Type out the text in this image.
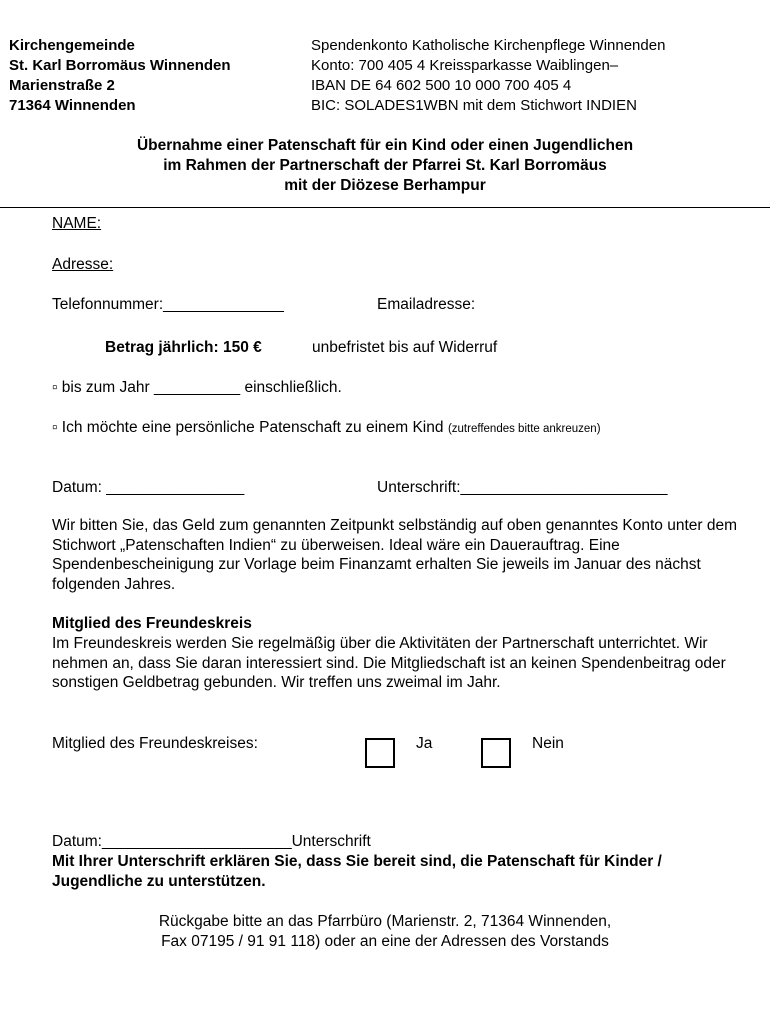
Kirchengemeinde
St. Karl Borromäus Winnenden
Marienstraße 2
71364 Winnenden
Spendenkonto Katholische Kirchenpflege Winnenden
Konto: 700 405 4 Kreissparkasse Waiblingen–
IBAN DE 64 602 500 10 000 700 405 4
BIC: SOLADES1WBN mit dem Stichwort INDIEN
Übernahme einer Patenschaft für ein Kind oder einen Jugendlichen
im Rahmen der Partnerschaft der Pfarrei St. Karl Borromäus
mit der Diözese Berhampur
NAME:
Adresse:
Telefonnummer:______________	Emailadresse:
Betrag jährlich: 150 €	unbefristet bis auf Widerruf
▫ bis zum Jahr __________ einschließlich.
▫ Ich möchte eine persönliche Patenschaft zu einem Kind (zutreffendes bitte ankreuzen)
Datum: ________________	Unterschrift:________________________
Wir bitten Sie, das Geld zum genannten Zeitpunkt selbständig auf oben genanntes Konto unter dem Stichwort „Patenschaften Indien“ zu überweisen. Ideal wäre ein Dauerauftrag. Eine Spendenbescheinigung zur Vorlage beim Finanzamt erhalten Sie jeweils im Januar des nächst folgenden Jahres.
Mitglied des Freundeskreis
Im Freundeskreis werden Sie regelmäßig über die Aktivitäten der Partnerschaft unterrichtet. Wir nehmen an, dass Sie daran interessiert sind. Die Mitgliedschaft ist an keinen Spendenbeitrag oder sonstigen Geldbetrag gebunden. Wir treffen uns zweimal im Jahr.
Mitglied des Freundeskreises:	Ja	Nein
Datum:______________________Unterschrift
Mit Ihrer Unterschrift erklären Sie, dass Sie bereit sind, die Patenschaft für Kinder / Jugendliche zu unterstützen.
Rückgabe bitte an das Pfarrbüro (Marienstr. 2, 71364 Winnenden,
Fax 07195 / 91 91 118) oder an eine der Adressen des Vorstands
